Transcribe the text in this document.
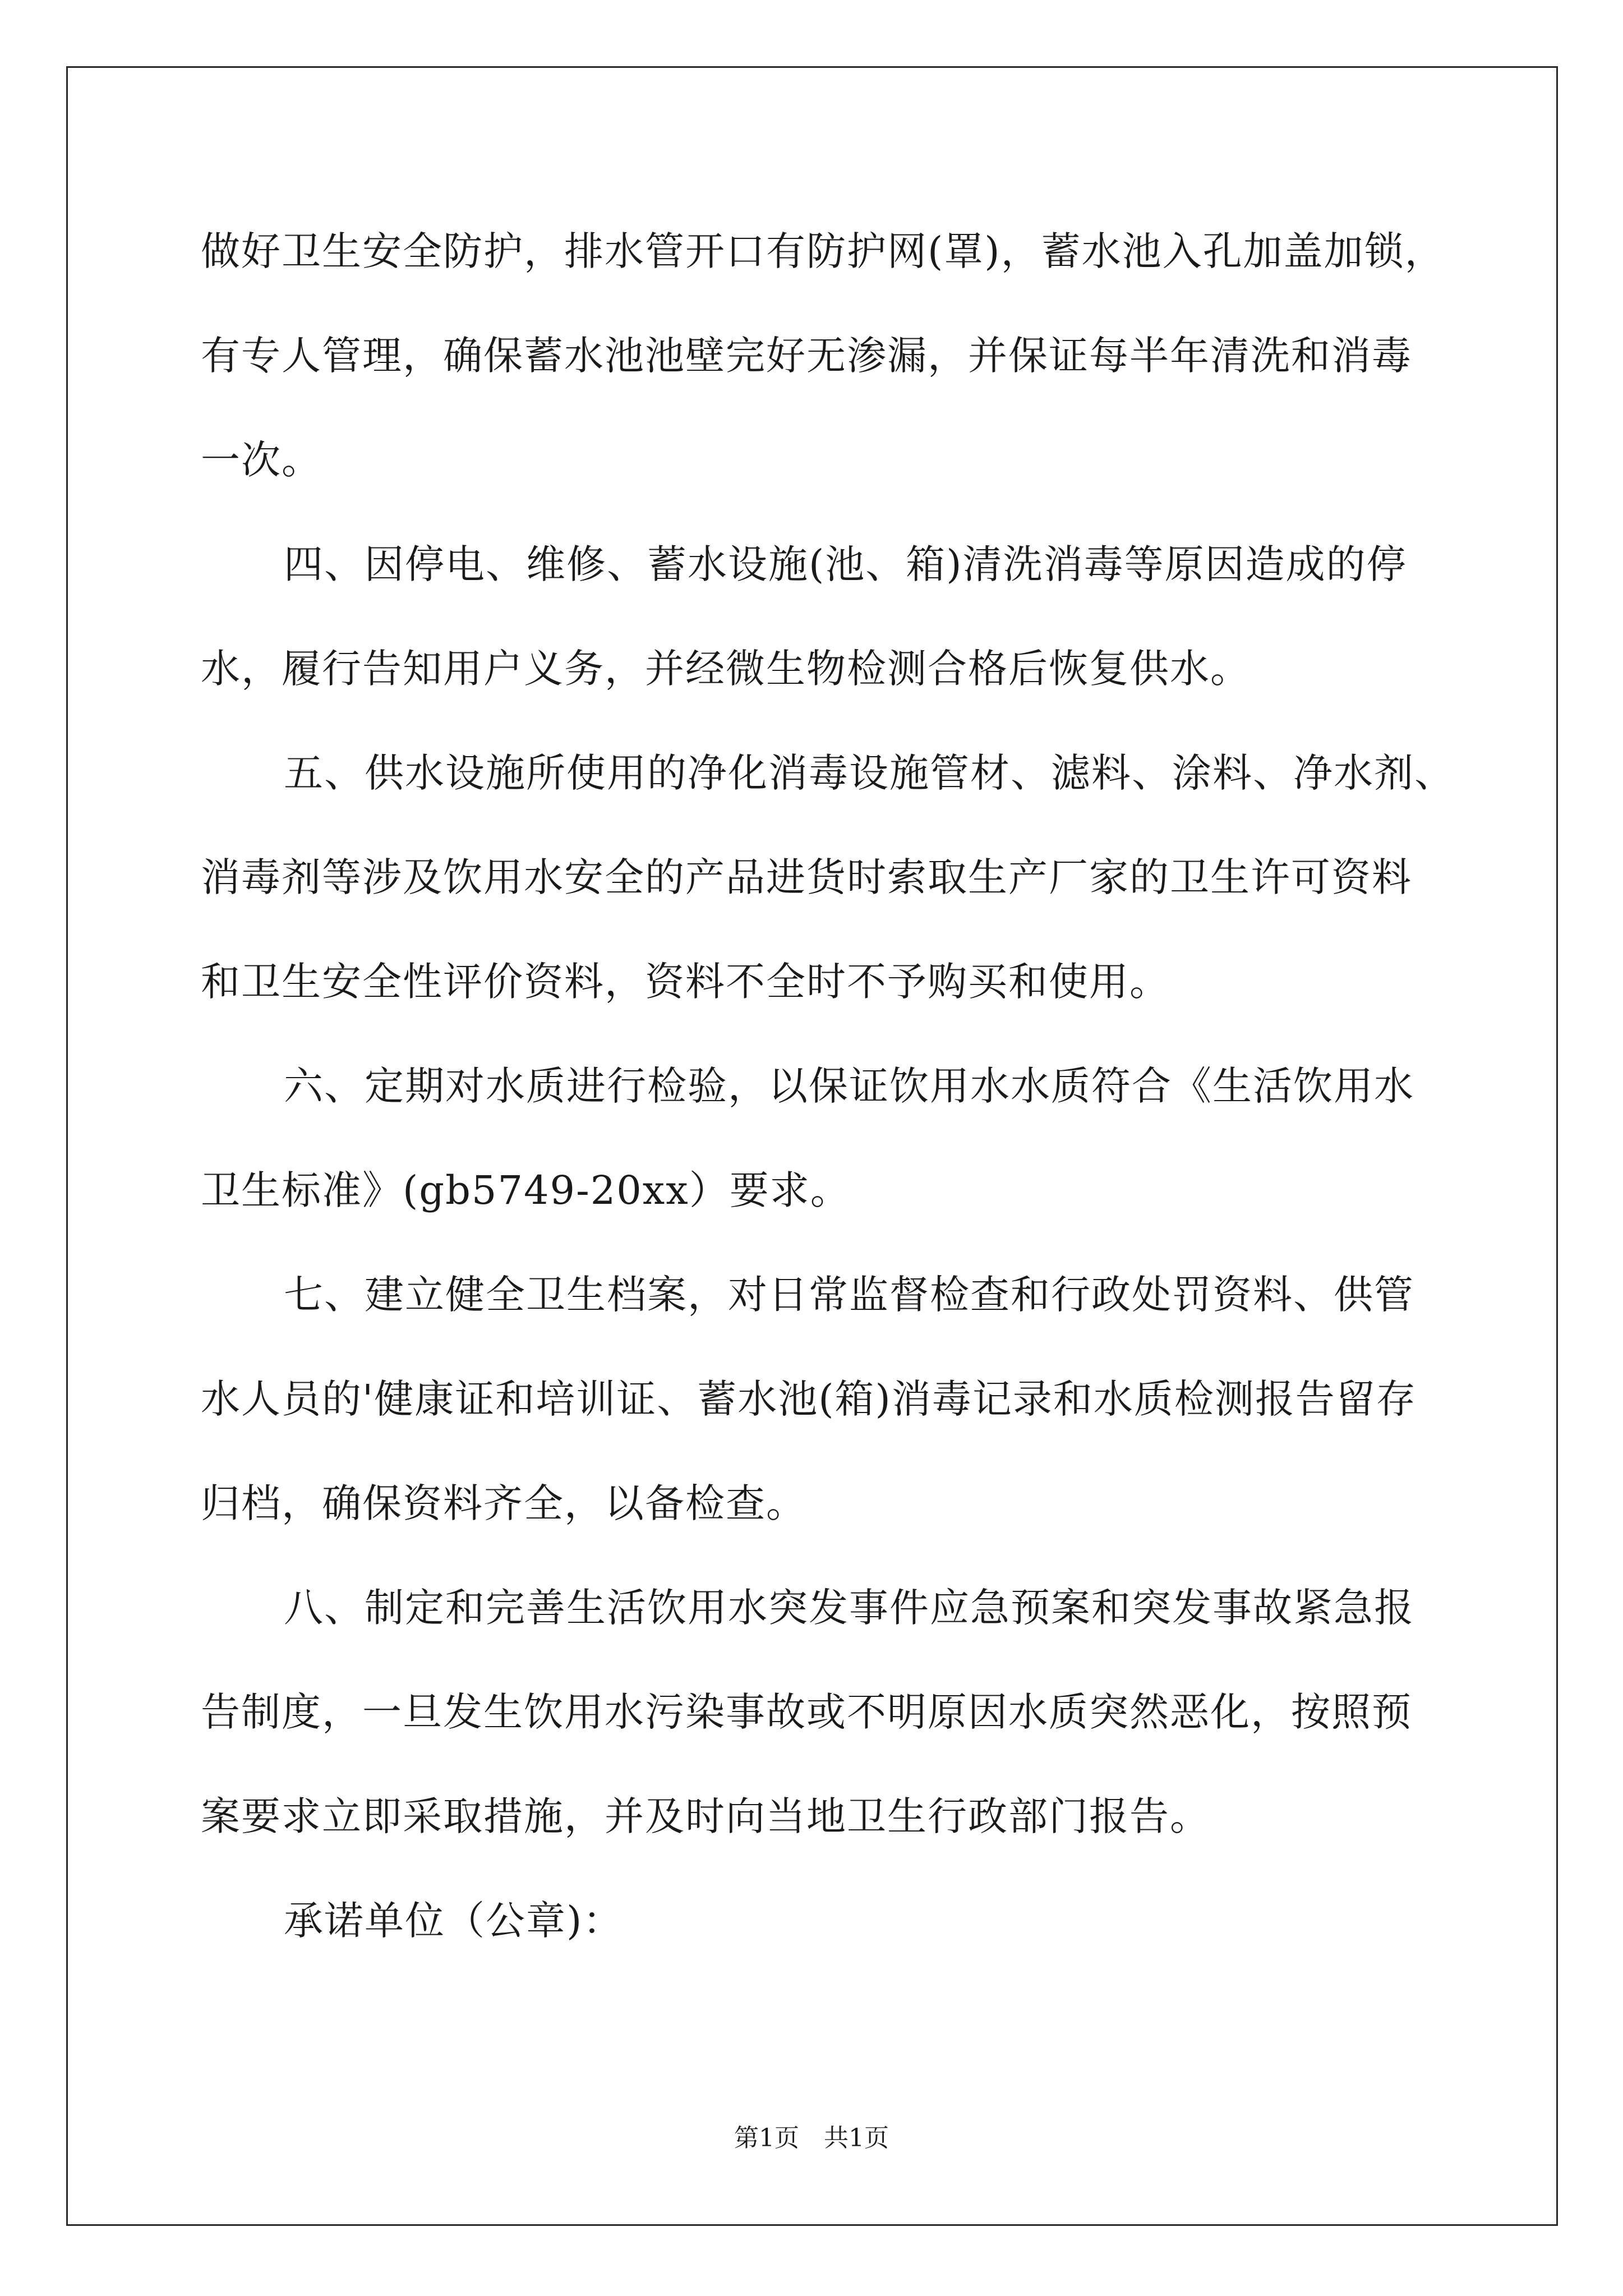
做好卫生安全防护，排水管开口有防护网(罩)，蓄水池入孔加盖加锁，
有专人管理，确保蓄水池池壁完好无渗漏，并保证每半年清洗和消毒
一次。
四、因停电、维修、蓄水设施(池、箱)清洗消毒等原因造成的停
水，履行告知用户义务，并经微生物检测合格后恢复供水。
五、供水设施所使用的净化消毒设施管材、滤料、涂料、净水剂、
消毒剂等涉及饮用水安全的产品进货时索取生产厂家的卫生许可资料
和卫生安全性评价资料，资料不全时不予购买和使用。
六、定期对水质进行检验，以保证饮用水水质符合《生活饮用水
卫生标准》(gb5749-20xx）要求。
七、建立健全卫生档案，对日常监督检查和行政处罚资料、供管
水人员的'健康证和培训证、蓄水池(箱)消毒记录和水质检测报告留存
归档，确保资料齐全，以备检查。
八、制定和完善生活饮用水突发事件应急预案和突发事故紧急报
告制度，一旦发生饮用水污染事故或不明原因水质突然恶化，按照预
案要求立即采取措施，并及时向当地卫生行政部门报告。
承诺单位（公章)：
第1页　共1页
